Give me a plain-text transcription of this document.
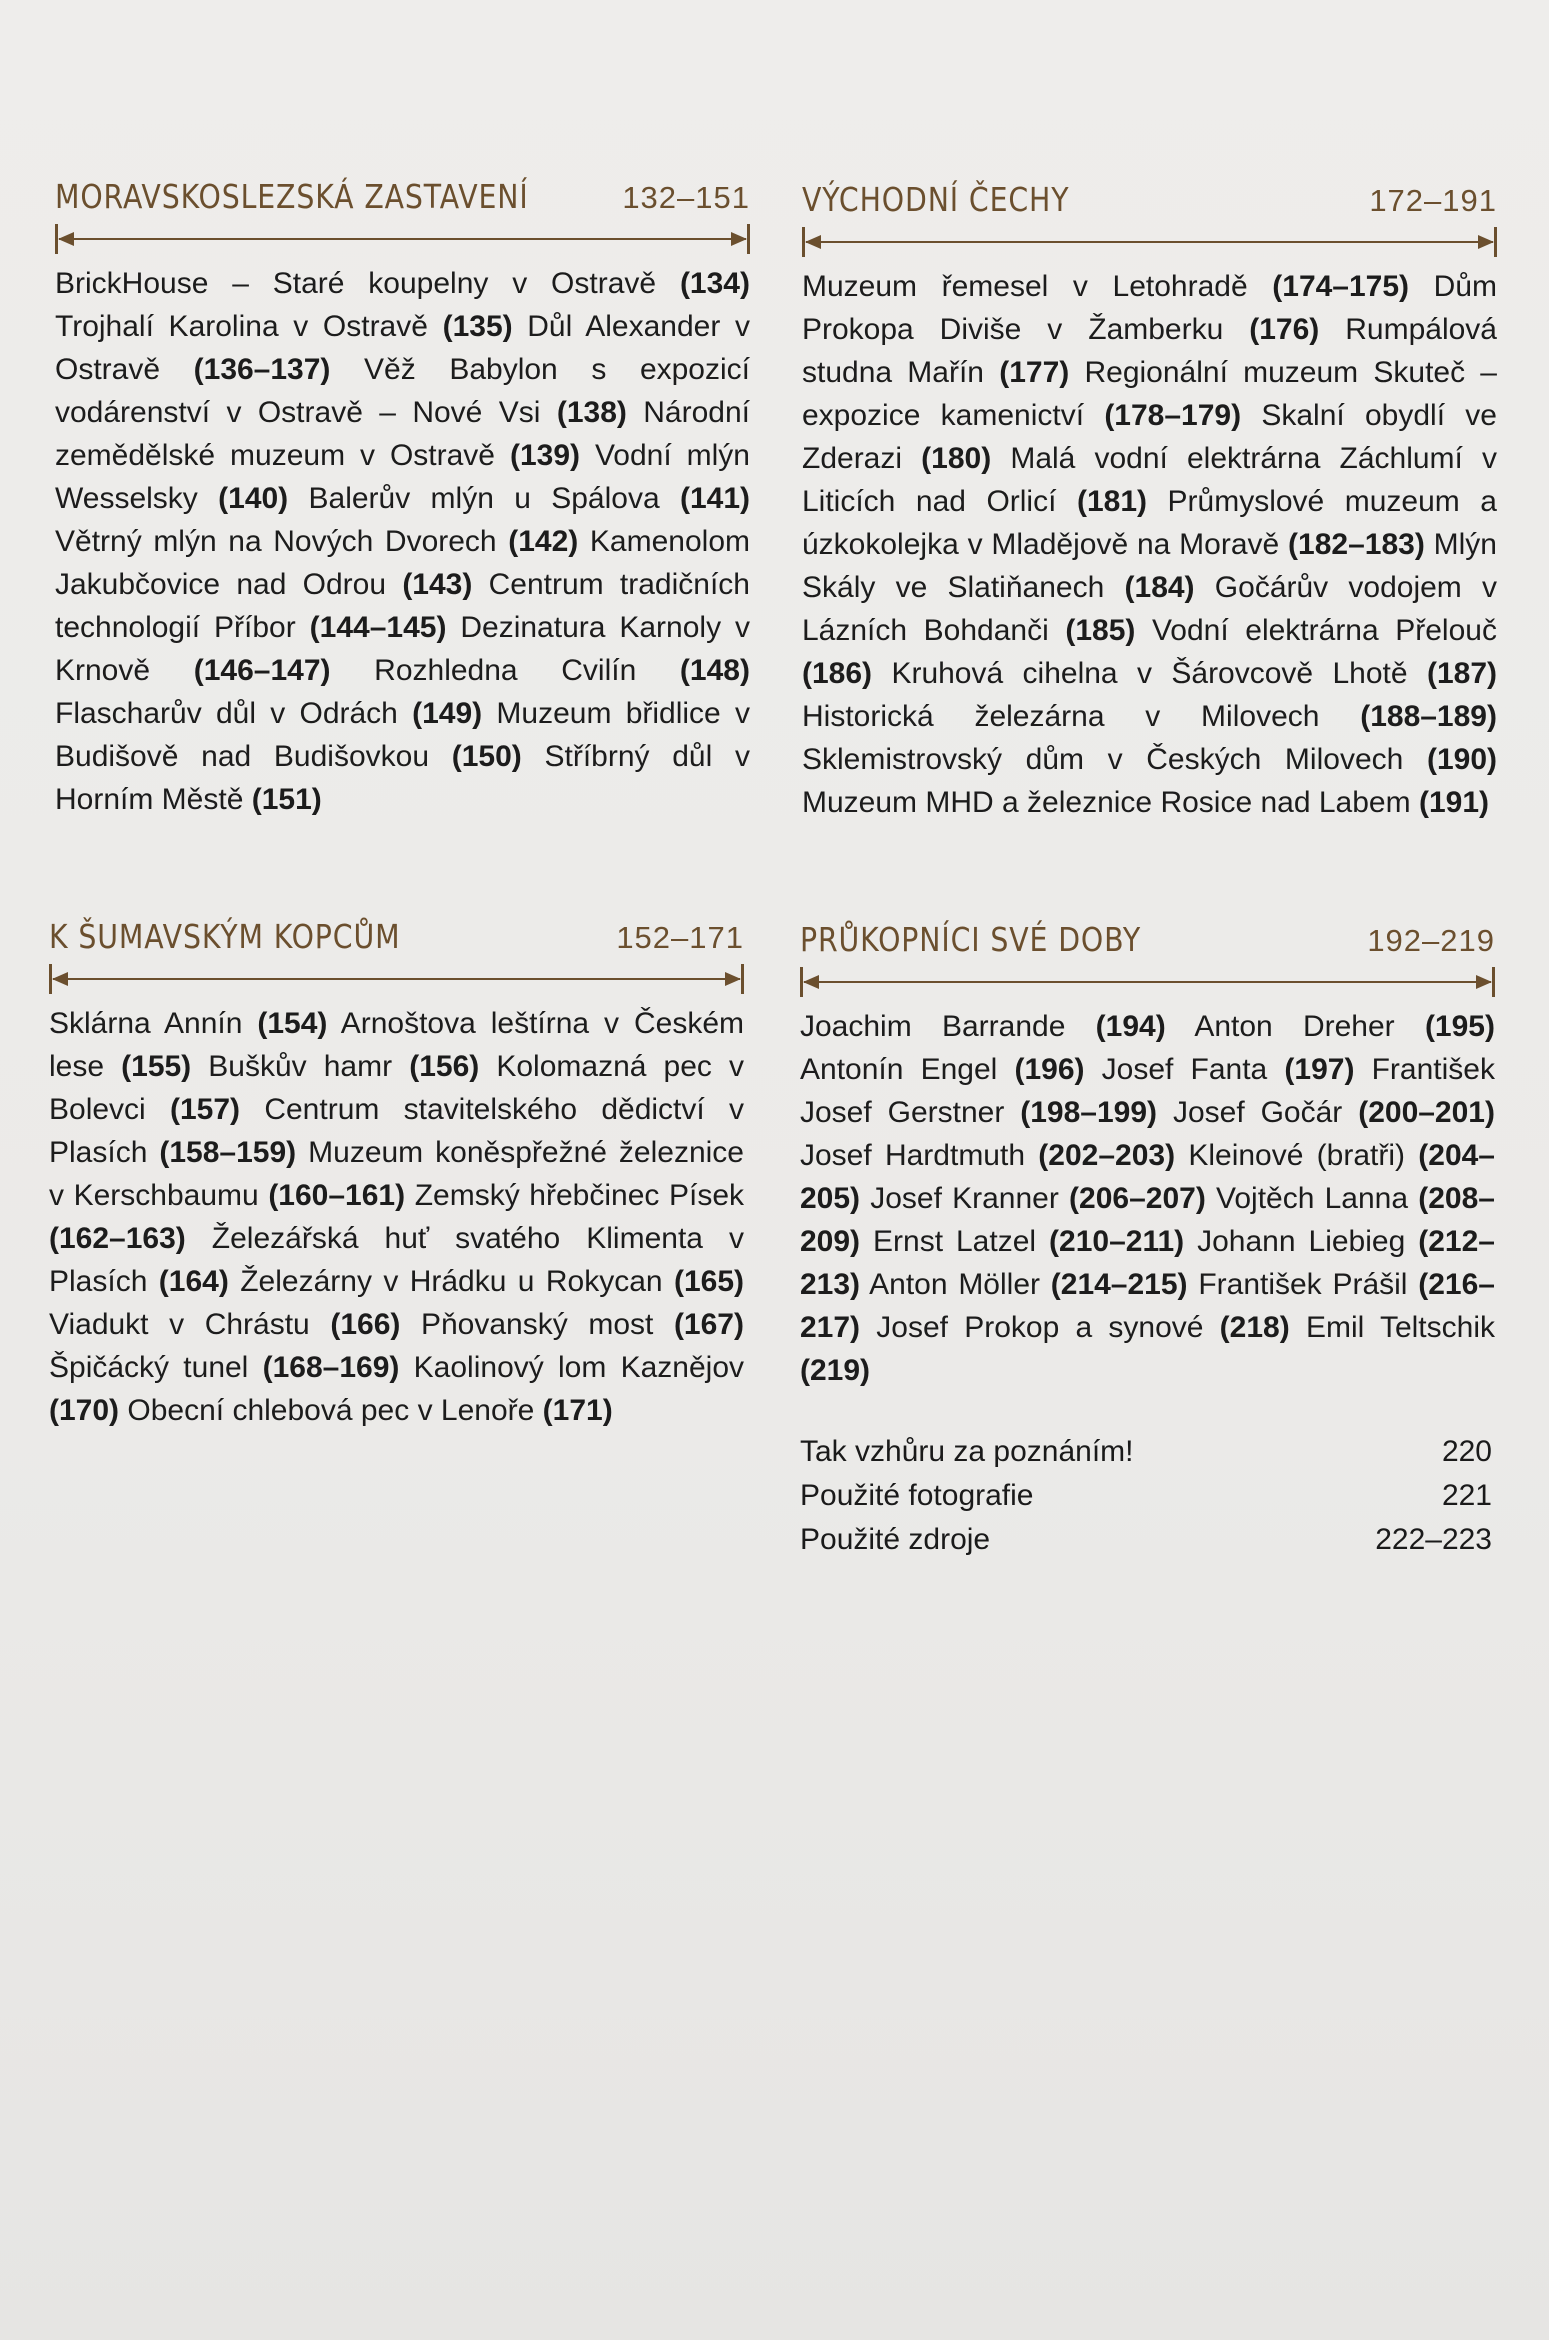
MORAVSKOSLEZSKÁ ZASTAVENÍ	132–151
BrickHouse – Staré koupelny v Ostravě (134) Trojhalí Karolina v Ostravě (135) Důl Alexander v Ostravě (136–137) Věž Babylon s expozicí vodárenství v Ostravě – Nové Vsi (138) Národní zemědělské muzeum v Ostravě (139) Vodní mlýn Wesselsky (140) Balerův mlýn u Spálova (141) Větrný mlýn na Nových Dvorech (142) Kamenolom Jakubčovice nad Odrou (143) Centrum tradičních technologií Příbor (144–145) Dezinatura Karnoly v Krnově (146–147) Rozhledna Cvilín (148) Flascharův důl v Odrách (149) Muzeum břidlice v Budišově nad Budišovkou (150) Stříbrný důl v Horním Městě (151)
VÝCHODNÍ ČECHY	172–191
Muzeum řemesel v Letohradě (174–175) Dům Prokopa Diviše v Žamberku (176) Rumpálová studna Mařín (177) Regionální muzeum Skuteč – expozice kamenictví (178–179) Skalní obydlí ve Zderazi (180) Malá vodní elektrárna Záchlumí v Liticích nad Orlicí (181) Průmyslové muzeum a úzkokolejka v Mladějově na Moravě (182–183) Mlýn Skály ve Slatiňanech (184) Gočárův vodojem v Lázních Bohdanči (185) Vodní elektrárna Přelouč (186) Kruhová cihelna v Šárovcově Lhotě (187) Historická železárna v Milovech (188–189) Sklemistrovský dům v Českých Milovech (190) Muzeum MHD a železnice Rosice nad Labem (191)
K ŠUMAVSKÝM KOPCŮM	152–171
Sklárna Annín (154) Arnoštova leštírna v Českém lese (155) Buškův hamr (156) Kolomazná pec v Bolevci (157) Centrum stavitelského dědictví v Plasích (158–159) Muzeum koněspřežné železnice v Kerschbaumu (160–161) Zemský hřebčinec Písek (162–163) Železářská huť svatého Klimenta v Plasích (164) Železárny v Hrádku u Rokycan (165) Viadukt v Chrástu (166) Pňovanský most (167) Špičácký tunel (168–169) Kaolinový lom Kaznějov (170) Obecní chlebová pec v Lenoře (171)
PRŮKOPNÍCI SVÉ DOBY	192–219
Joachim Barrande (194) Anton Dreher (195) Antonín Engel (196) Josef Fanta (197) František Josef Gerstner (198–199) Josef Gočár (200–201) Josef Hardtmuth (202–203) Kleinové (bratři) (204–205) Josef Kranner (206–207) Vojtěch Lanna (208–209) Ernst Latzel (210–211) Johann Liebieg (212–213) Anton Möller (214–215) František Prášil (216–217) Josef Prokop a synové (218) Emil Teltschik (219)
Tak vzhůru za poznáním!	220
Použité fotografie	221
Použité zdroje	222–223
